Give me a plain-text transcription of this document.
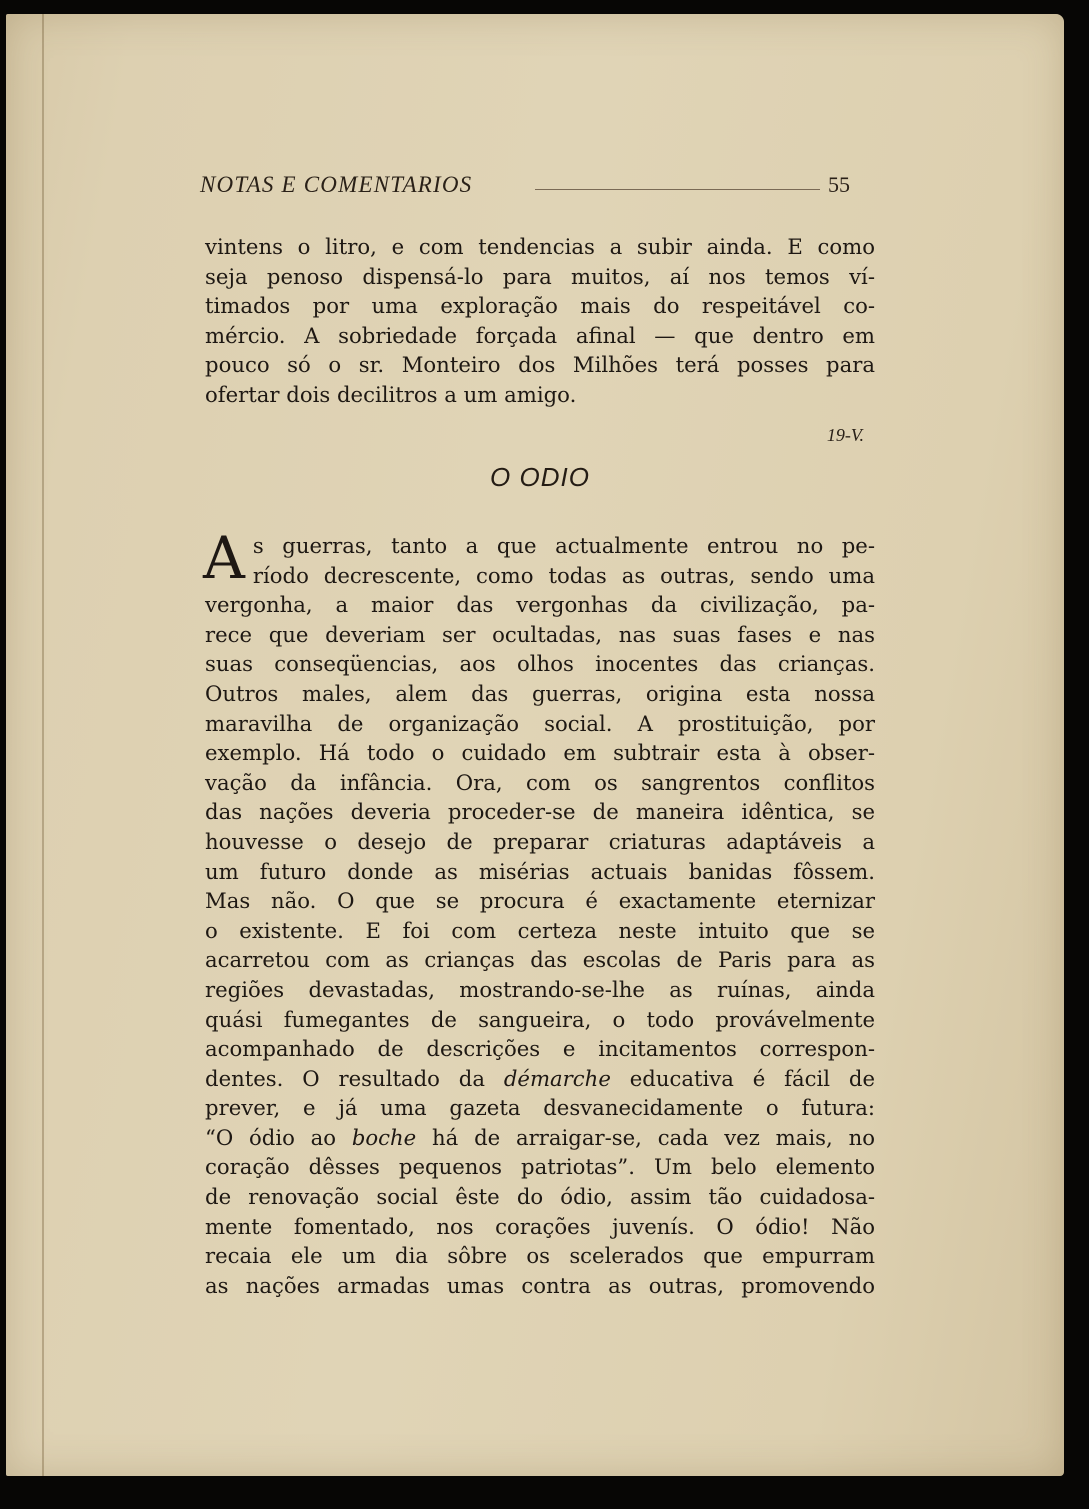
NOTAS E COMENTARIOS	55
vintens o litro, e com tendencias a subir ainda. E como
seja penoso dispensá-lo para muitos, aí nos temos ví-
timados por uma exploração mais do respeitável co-
mércio. A sobriedade forçada afinal — que dentro em
pouco só o sr. Monteiro dos Milhões terá posses para
ofertar dois decilitros a um amigo.
19-V.
O ODIO
A s guerras, tanto a que actualmente entrou no pe-
ríodo decrescente, como todas as outras, sendo uma
vergonha, a maior das vergonhas da civilização, pa-
rece que deveriam ser ocultadas, nas suas fases e nas
suas conseqüencias, aos olhos inocentes das crianças.
Outros males, alem das guerras, origina esta nossa
maravilha de organização social. A prostituição, por
exemplo. Há todo o cuidado em subtrair esta à obser-
vação da infância. Ora, com os sangrentos conflitos
das nações deveria proceder-se de maneira idêntica, se
houvesse o desejo de preparar criaturas adaptáveis a
um futuro donde as misérias actuais banidas fôssem.
Mas não. O que se procura é exactamente eternizar
o existente. E foi com certeza neste intuito que se
acarretou com as crianças das escolas de Paris para as
regiões devastadas, mostrando-se-lhe as ruínas, ainda
quási fumegantes de sangueira, o todo provávelmente
acompanhado de descrições e incitamentos correspon-
dentes. O resultado da démarche educativa é fácil de
prever, e já uma gazeta desvanecidamente o futura:
“O ódio ao boche há de arraigar-se, cada vez mais, no
coração dêsses pequenos patriotas”. Um belo elemento
de renovação social êste do ódio, assim tão cuidadosa-
mente fomentado, nos corações juvenís. O ódio! Não
recaia ele um dia sôbre os scelerados que empurram
as nações armadas umas contra as outras, promovendo
